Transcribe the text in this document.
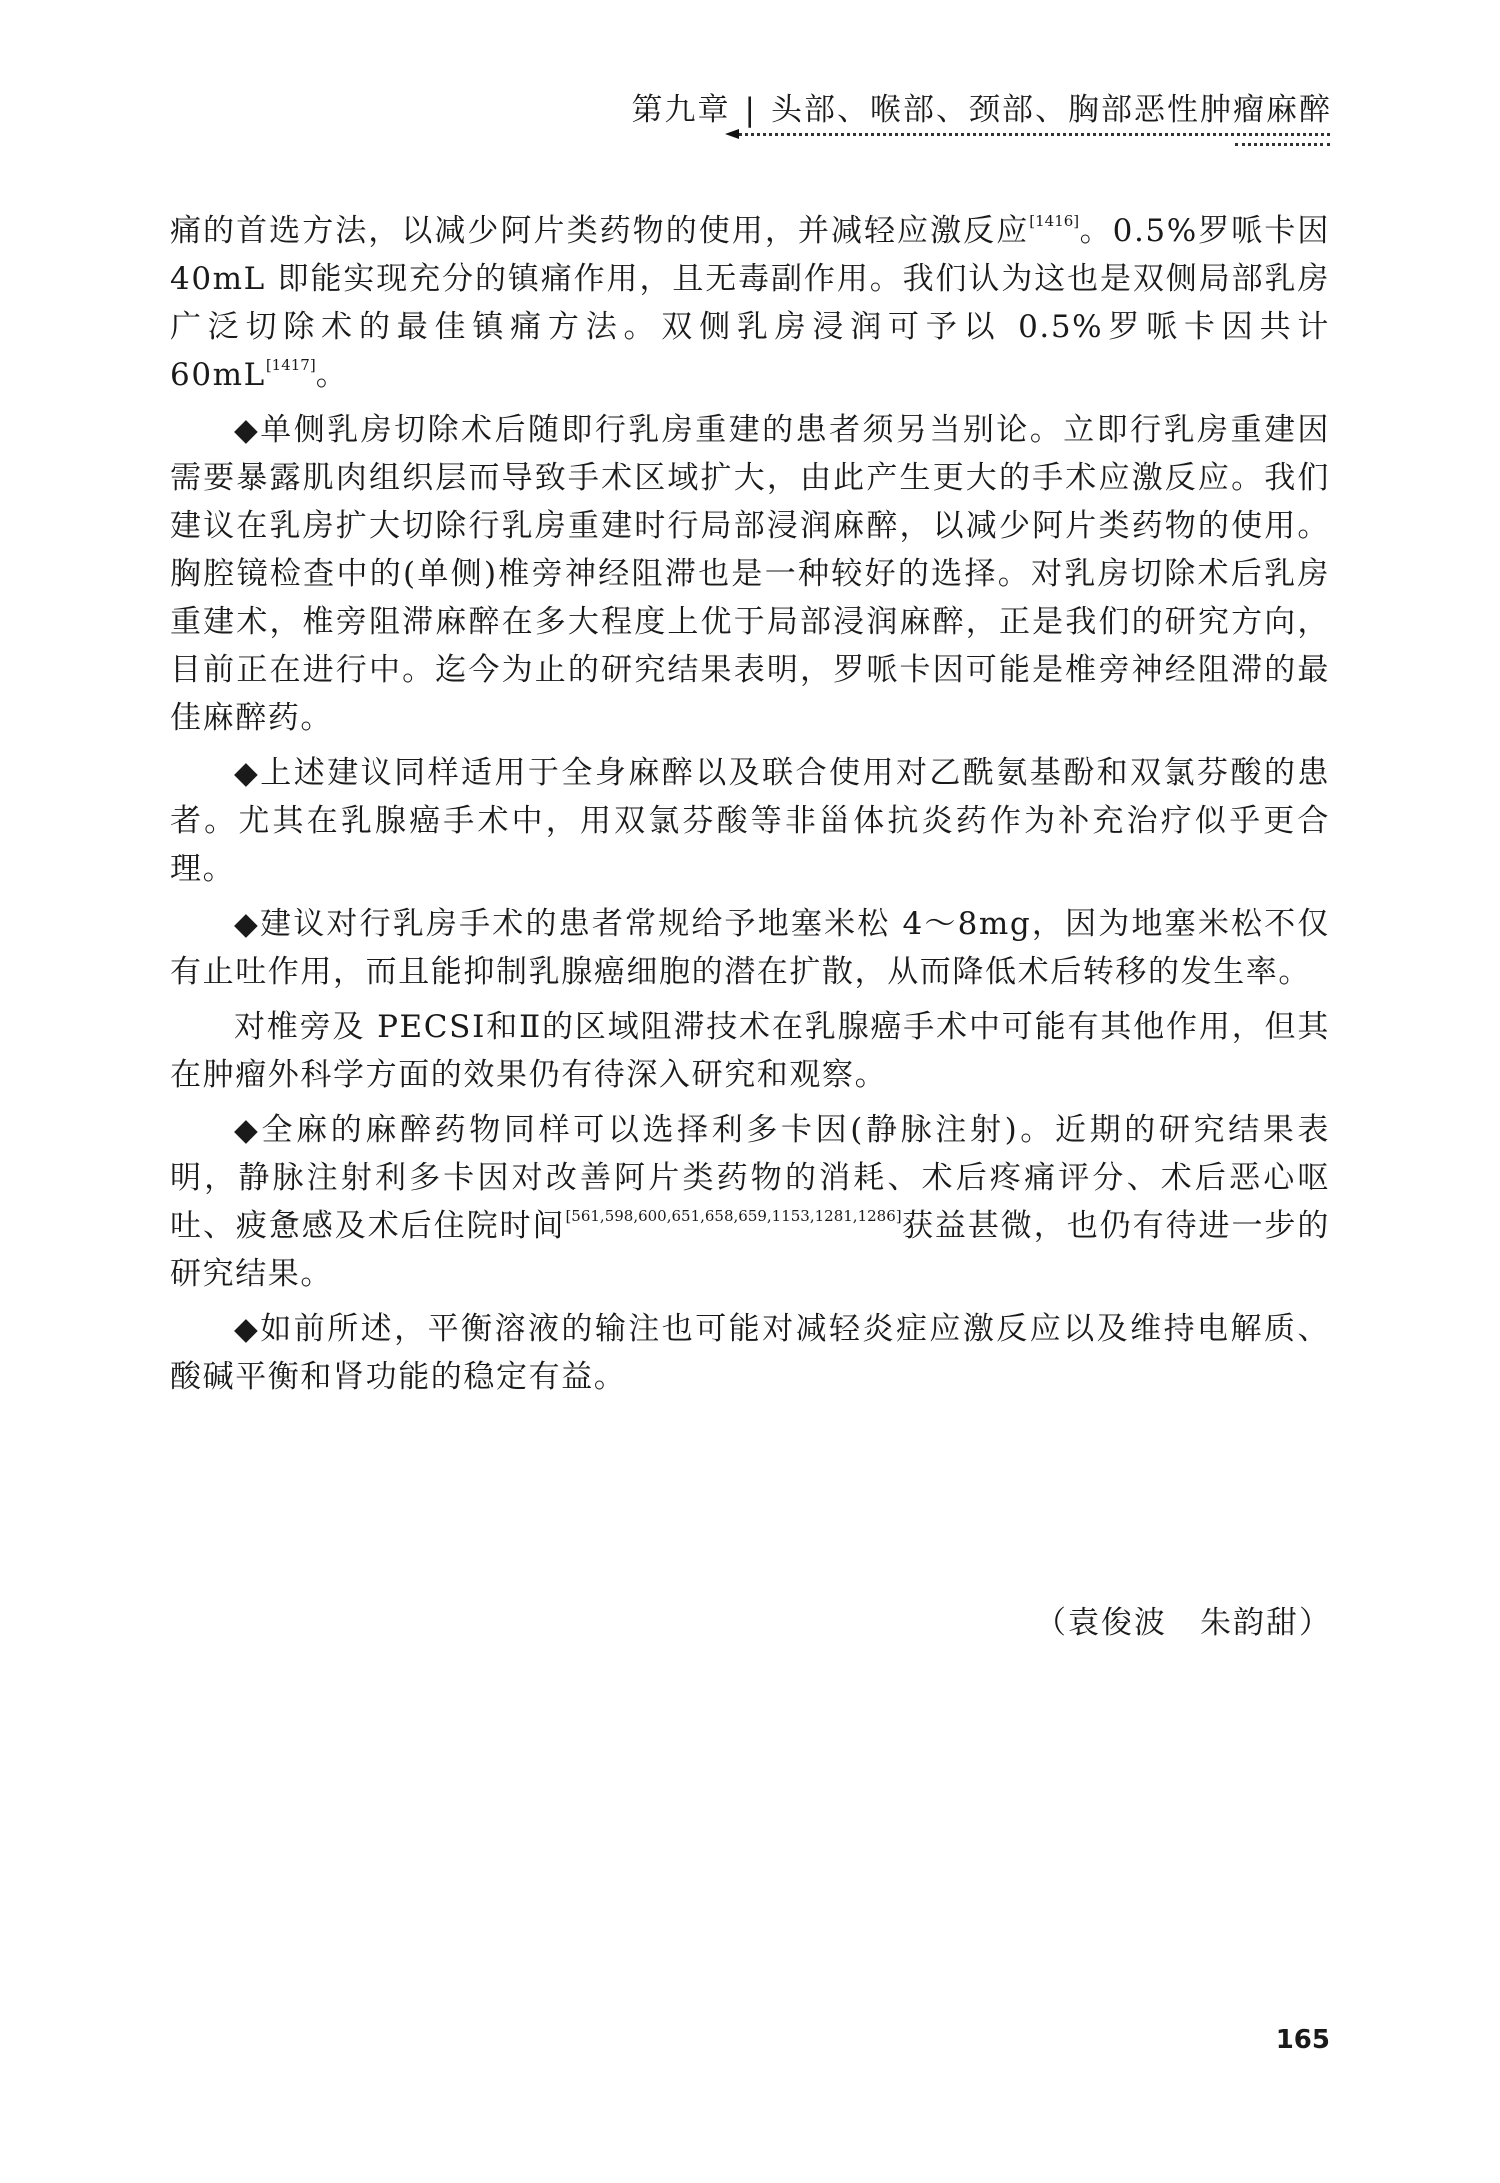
第九章 | 头部、喉部、颈部、胸部恶性肿瘤麻醉

痛的首选方法，以减少阿片类药物的使用，并减轻应激反应[1416]。0.5%罗哌卡因 40mL 即能实现充分的镇痛作用，且无毒副作用。我们认为这也是双侧局部乳房广泛切除术的最佳镇痛方法。双侧乳房浸润可予以 0.5%罗哌卡因共计 60mL[1417]。

◆单侧乳房切除术后随即行乳房重建的患者须另当别论。立即行乳房重建因需要暴露肌肉组织层而导致手术区域扩大，由此产生更大的手术应激反应。我们建议在乳房扩大切除行乳房重建时行局部浸润麻醉，以减少阿片类药物的使用。胸腔镜检查中的(单侧)椎旁神经阻滞也是一种较好的选择。对乳房切除术后乳房重建术，椎旁阻滞麻醉在多大程度上优于局部浸润麻醉，正是我们的研究方向，目前正在进行中。迄今为止的研究结果表明，罗哌卡因可能是椎旁神经阻滞的最佳麻醉药。

◆上述建议同样适用于全身麻醉以及联合使用对乙酰氨基酚和双氯芬酸的患者。尤其在乳腺癌手术中，用双氯芬酸等非甾体抗炎药作为补充治疗似乎更合理。

◆建议对行乳房手术的患者常规给予地塞米松 4～8mg，因为地塞米松不仅有止吐作用，而且能抑制乳腺癌细胞的潜在扩散，从而降低术后转移的发生率。

对椎旁及 PECSⅠ和Ⅱ的区域阻滞技术在乳腺癌手术中可能有其他作用，但其在肿瘤外科学方面的效果仍有待深入研究和观察。

◆全麻的麻醉药物同样可以选择利多卡因(静脉注射)。近期的研究结果表明，静脉注射利多卡因对改善阿片类药物的消耗、术后疼痛评分、术后恶心呕吐、疲惫感及术后住院时间[561,598,600,651,658,659,1153,1281,1286]获益甚微，也仍有待进一步的研究结果。

◆如前所述，平衡溶液的输注也可能对减轻炎症应激反应以及维持电解质、酸碱平衡和肾功能的稳定有益。

（袁俊波　朱韵甜）
165
